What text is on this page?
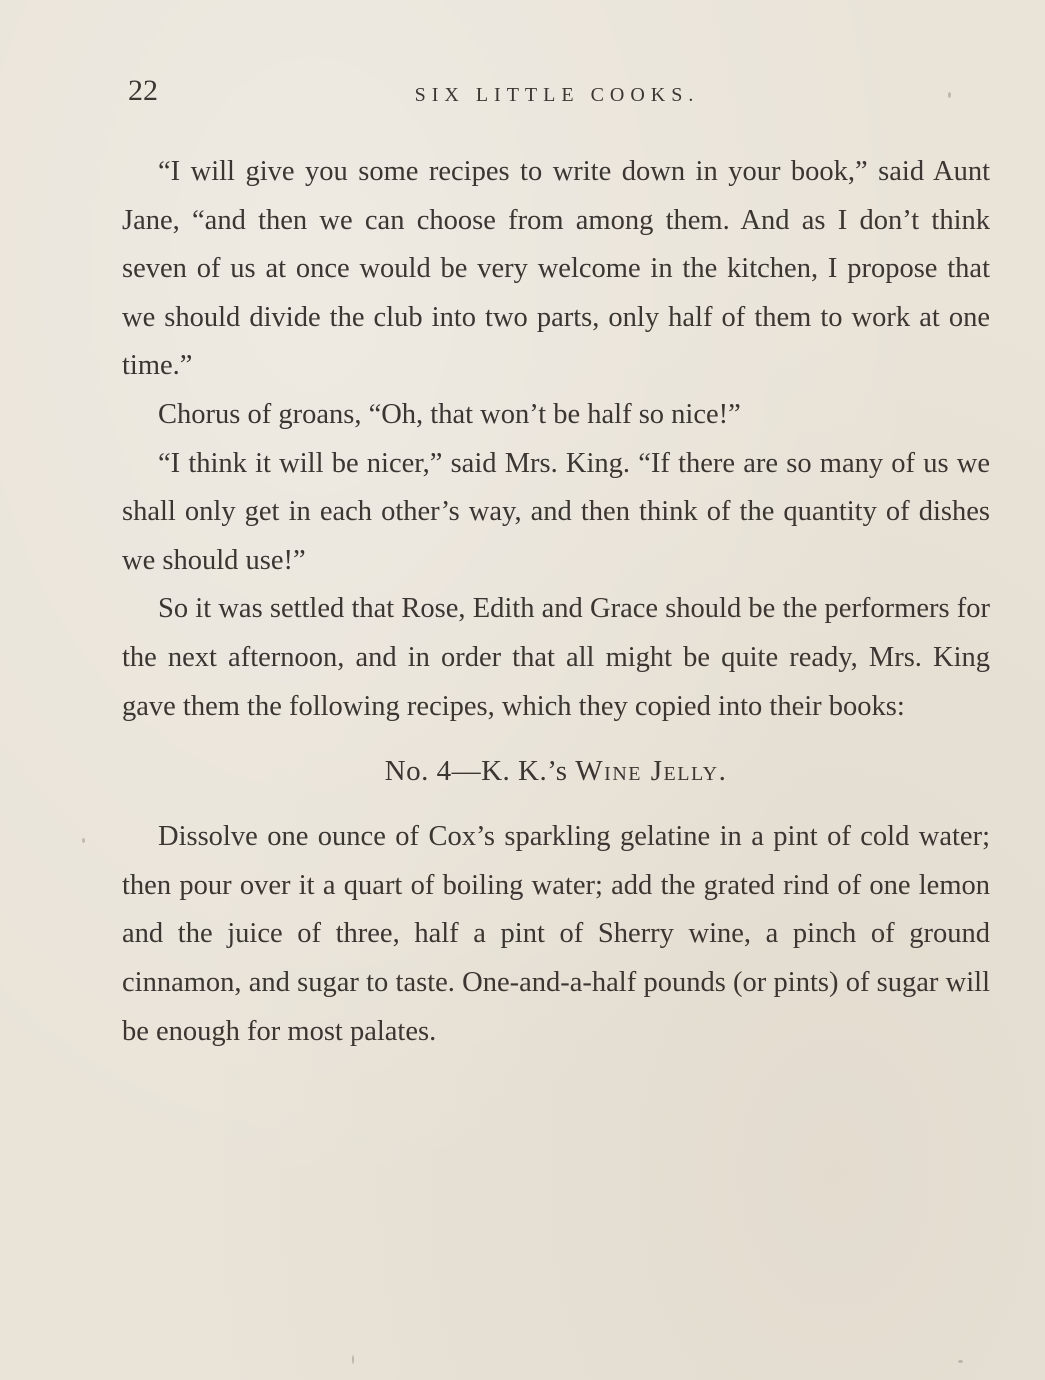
22	SIX LITTLE COOKS.

“I will give you some recipes to write down in your book,” said Aunt Jane, “and then we can choose from among them. And as I don’t think seven of us at once would be very welcome in the kitchen, I propose that we should divide the club into two parts, only half of them to work at one time.”

Chorus of groans, “Oh, that won’t be half so nice!”

“I think it will be nicer,” said Mrs. King. “If there are so many of us we shall only get in each other’s way, and then think of the quantity of dishes we should use!”

So it was settled that Rose, Edith and Grace should be the performers for the next afternoon, and in order that all might be quite ready, Mrs. King gave them the following recipes, which they copied into their books:

No. 4—K. K.’s Wine Jelly.

Dissolve one ounce of Cox’s sparkling gelatine in a pint of cold water; then pour over it a quart of boiling water; add the grated rind of one lemon and the juice of three, half a pint of Sherry wine, a pinch of ground cinnamon, and sugar to taste. One-and-a-half pounds (or pints) of sugar will be enough for most palates.
